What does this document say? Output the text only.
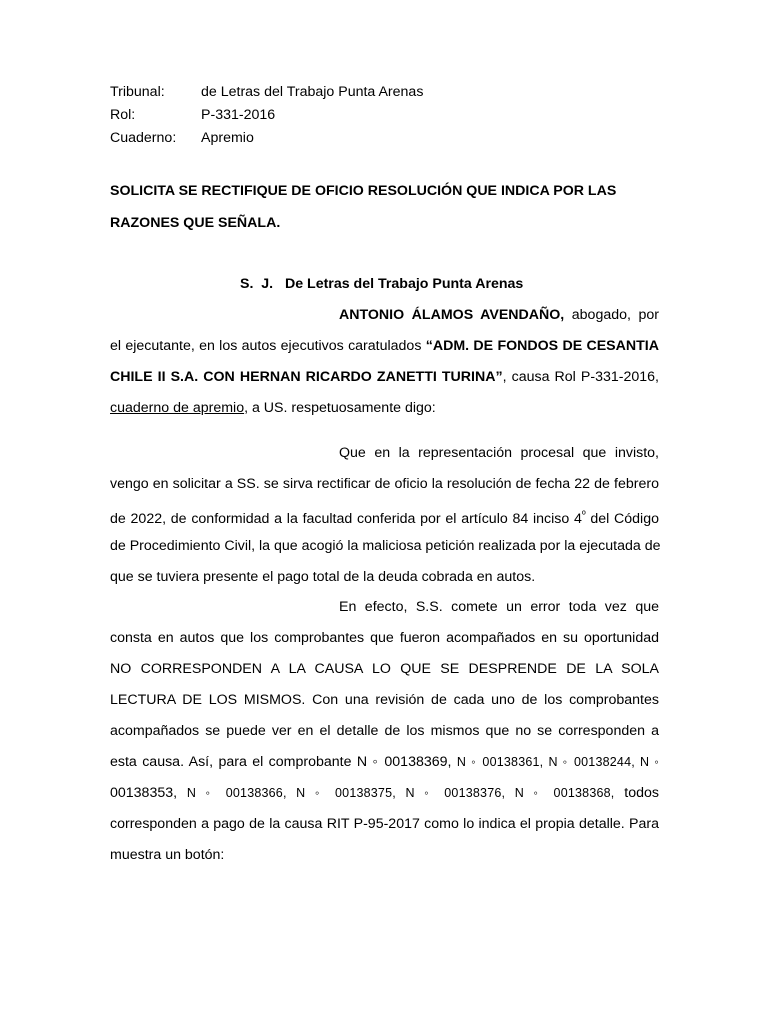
Tribunal:	de Letras del Trabajo Punta Arenas
Rol:	P-331-2016
Cuaderno:	Apremio
SOLICITA SE RECTIFIQUE DE OFICIO RESOLUCIÓN QUE INDICA POR LAS
RAZONES QUE SEÑALA.
S.  J.   De Letras del Trabajo Punta Arenas
ANTONIO ÁLAMOS AVENDAÑO, abogado, por
el ejecutante, en los autos ejecutivos caratulados “ADM. DE FONDOS DE CESANTIA
CHILE II S.A. CON HERNAN RICARDO ZANETTI TURINA”, causa Rol P-331-2016,
cuaderno de apremio, a US. respetuosamente digo:
Que en la representación procesal que invisto,
vengo en solicitar a SS. se sirva rectificar de oficio la resolución de fecha 22 de febrero
de 2022, de conformidad a la facultad conferida por el artículo 84 inciso $4^º$ del Código
de Procedimiento Civil, la que acogió la maliciosa petición realizada por la ejecutada de
que se tuviera presente el pago total de la deuda cobrada en autos.
En efecto, S.S. comete un error toda vez que
consta en autos que los comprobantes que fueron acompañados en su oportunidad
NO CORRESPONDEN A LA CAUSA LO QUE SE DESPRENDE DE LA SOLA
LECTURA DE LOS MISMOS. Con una revisión de cada uno de los comprobantes
acompañados se puede ver en el detalle de los mismos que no se corresponden a
esta causa. Así, para el comprobante N ◦ 00138369, N ◦ 00138361, N ◦ 00138244, N ◦
00138353, N ◦ 00138366, N ◦ 00138375, N ◦ 00138376, N ◦ 00138368, todos
corresponden a pago de la causa RIT P-95-2017 como lo indica el propia detalle. Para
muestra un botón:
